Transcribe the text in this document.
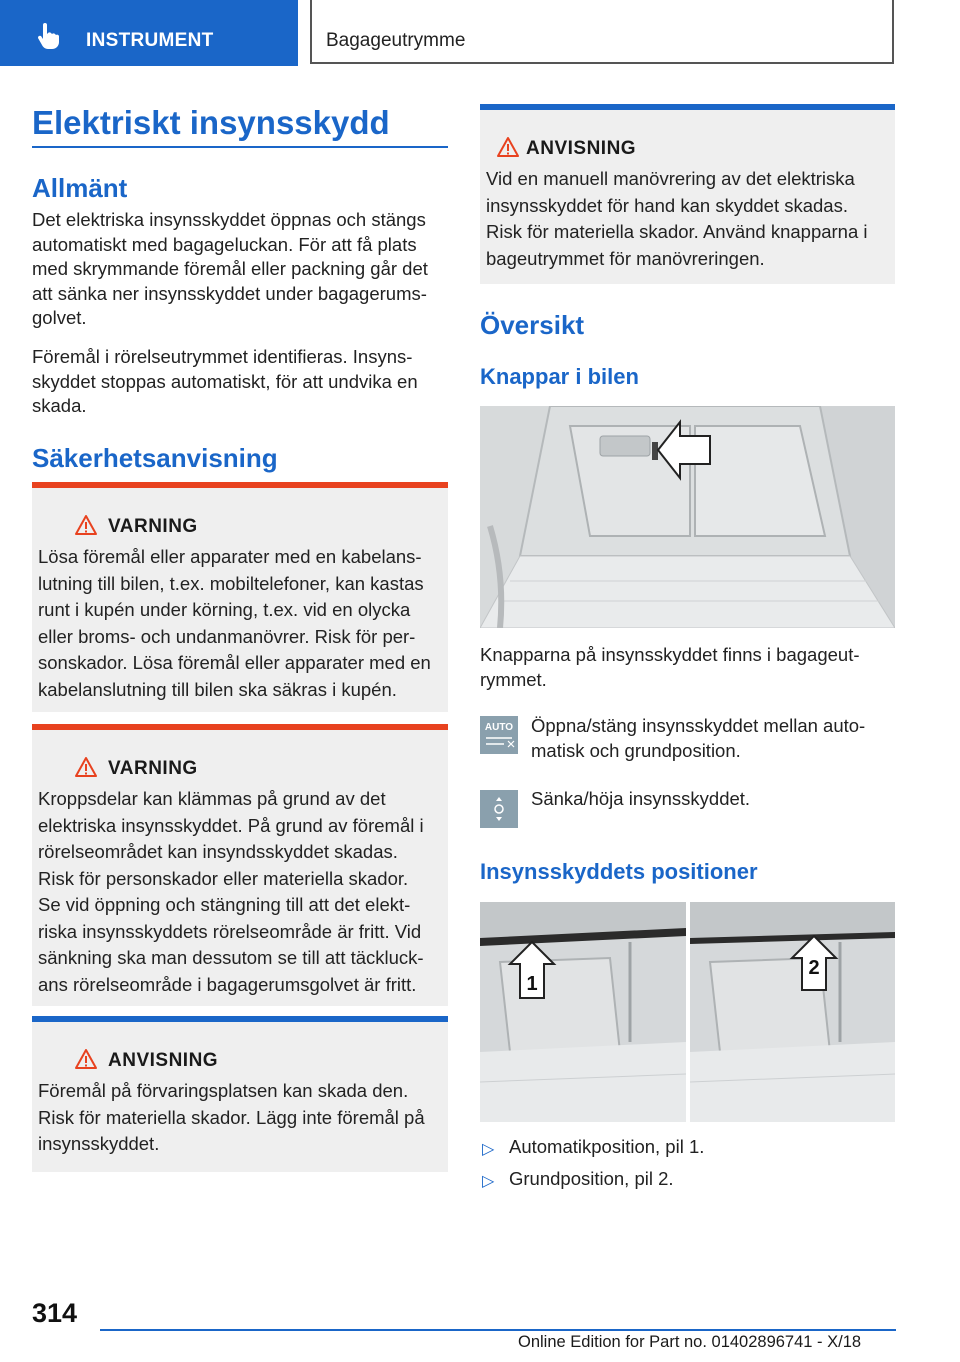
INSTRUMENT	Bagageutrymme
Elektriskt insynsskydd
Allmänt
Det elektriska insynsskyddet öppnas och stängs
automatiskt med bagageluckan. För att få plats
med skrymmande föremål eller packning går det
att sänka ner insynsskyddet under bagagerums-
golvet.
Föremål i rörelseutrymmet identifieras. Insyns-
skyddet stoppas automatiskt, för att undvika en
skada.
Säkerhetsanvisning
VARNING
Lösa föremål eller apparater med en kabelans-
lutning till bilen, t.ex. mobiltelefoner, kan kastas
runt i kupén under körning, t.ex. vid en olycka
eller broms- och undanmanövrer. Risk för per-
sonskador. Lösa föremål eller apparater med en
kabelanslutning till bilen ska säkras i kupén.
VARNING
Kroppsdelar kan klämmas på grund av det
elektriska insynsskyddet. På grund av föremål i
rörelseområdet kan insyndsskyddet skadas.
Risk för personskador eller materiella skador.
Se vid öppning och stängning till att det elekt-
riska insynsskyddets rörelseområde är fritt. Vid
sänkning ska man dessutom se till att täckluck-
ans rörelseområde i bagagerumsgolvet är fritt.
ANVISNING
Föremål på förvaringsplatsen kan skada den.
Risk för materiella skador. Lägg inte föremål på
insynsskyddet.
ANVISNING
Vid en manuell manövrering av det elektriska
insynsskyddet för hand kan skyddet skadas.
Risk för materiella skador. Använd knapparna i
bageutrymmet för manövreringen.
Översikt
Knappar i bilen
Knapparna på insynsskyddet finns i bagageut-
rymmet.
AUTO Öppna/stäng insynsskyddet mellan auto-
matisk och grundposition.
Sänka/höja insynsskyddet.
Insynsskyddets positioner
1
2
▷ Automatikposition, pil 1.
▷ Grundposition, pil 2.
314
Online Edition for Part no. 01402896741 - X/18
